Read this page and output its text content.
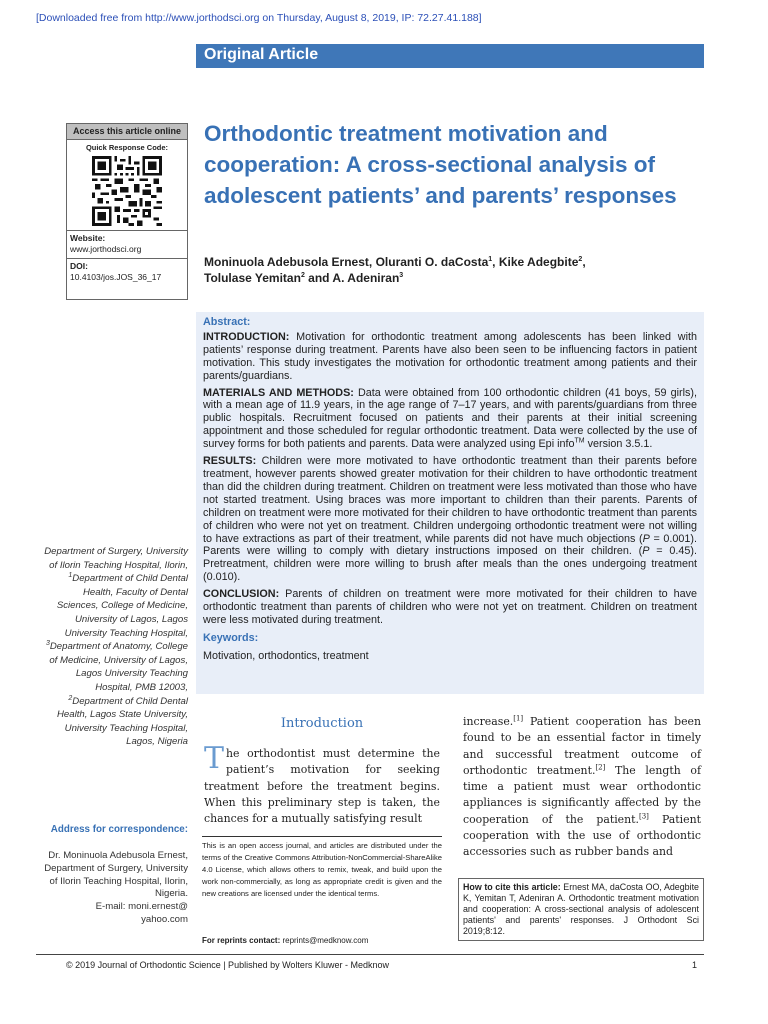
[Downloaded free from http://www.jorthodsci.org on Thursday, August 8, 2019, IP: 72.27.41.188]
Original Article
Access this article online
Quick Response Code:
Website:
www.jorthodsci.org
DOI:
10.4103/jos.JOS_36_17
Orthodontic treatment motivation and cooperation: A cross-sectional analysis of adolescent patients’ and parents’ responses
Moninuola Adebusola Ernest, Oluranti O. daCosta$^1$, Kike Adegbite$^2$,
Tolulase Yemitan$^2$ and A. Adeniran$^3$
Abstract:

INTRODUCTION: Motivation for orthodontic treatment among adolescents has been linked with patients’ response during treatment. Parents have also been seen to be influencing factors in patient motivation. This study investigates the motivation for orthodontic treatment among patients and their parents/guardians.

MATERIALS AND METHODS: Data were obtained from 100 orthodontic children (41 boys, 59 girls), with a mean age of 11.9 years, in the age range of 7–17 years, and with parents/guardians from three public hospitals. Recruitment focused on patients and their parents at their initial screening appointment and those scheduled for regular orthodontic treatment. Data were collected by the use of survey forms for both patients and parents. Data were analyzed using Epi info™ version 3.5.1.

RESULTS: Children were more motivated to have orthodontic treatment than their parents before treatment, however parents showed greater motivation for their children to have orthodontic treatment than did the children during treatment. Children on treatment were less motivated than those who have not started treatment. Using braces was more important to children than their parents. Parents of children on treatment were more motivated for their children to have orthodontic treatment than parents of children who were not yet on treatment. Children undergoing orthodontic treatment were not willing to have extractions as part of their treatment, while parents did not have much objections (P = 0.001). Parents were willing to comply with dietary instructions imposed on their children. (P = 0.45). Pretreatment, children were more willing to brush after meals than the ones undergoing treatment (0.010).

CONCLUSION: Parents of children on treatment were more motivated for their children to have orthodontic treatment than parents of children who were not yet on treatment. Children on treatment were less motivated during treatment.

Keywords:
Motivation, orthodontics, treatment
Department of Surgery, University of Ilorin Teaching Hospital, Ilorin, $^1$Department of Child Dental Health, Faculty of Dental Sciences, College of Medicine, University of Lagos, Lagos University Teaching Hospital, $^3$Department of Anatomy, College of Medicine, University of Lagos, Lagos University Teaching Hospital, PMB 12003, $^2$Department of Child Dental Health, Lagos State University, University Teaching Hospital, Lagos, Nigeria
Address for correspondence:
Dr. Moninuola Adebusola Ernest,
Department of Surgery, University of Ilorin Teaching Hospital, Ilorin, Nigeria.
E-mail: moni.ernest@
yahoo.com
Introduction
The orthodontist must determine the patient’s motivation for seeking treatment before the treatment begins. When this preliminary step is taken, the chances for a mutually satisfying result
increase.[1] Patient cooperation has been found to be an essential factor in timely and successful treatment outcome of orthodontic treatment.[2] The length of time a patient must wear orthodontic appliances is significantly affected by the cooperation of the patient.[3] Patient cooperation with the use of orthodontic accessories such as rubber bands and
This is an open access journal, and articles are distributed under the terms of the Creative Commons Attribution-NonCommercial-ShareAlike 4.0 License, which allows others to remix, tweak, and build upon the work non-commercially, as long as appropriate credit is given and the new creations are licensed under the identical terms.
For reprints contact: reprints@medknow.com
How to cite this article: Ernest MA, daCosta OO, Adegbite K, Yemitan T, Adeniran A. Orthodontic treatment motivation and cooperation: A cross-sectional analysis of adolescent patients' and parents' responses. J Orthodont Sci 2019;8:12.
© 2019 Journal of Orthodontic Science | Published by Wolters Kluwer - Medknow	1
